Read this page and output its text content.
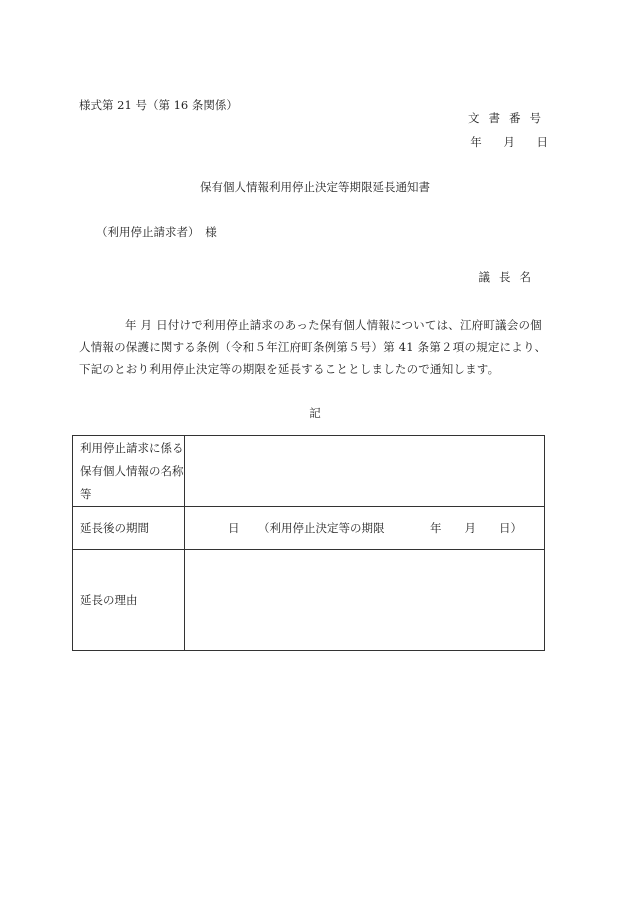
様式第 21 号（第 16 条関係）
文書番号
年 月 日
保有個人情報利用停止決定等期限延長通知書
（利用停止請求者）　様
議長名
年 月 日付けで利用停止請求のあった保有個人情報については、江府町議会の個人情報の保護に関する条例（令和５年江府町条例第５号）第 41 条第２項の規定により、下記のとおり利用停止決定等の期限を延長することとしましたので通知します。
記
利用停止請求に係る保有個人情報の名称等	
延長後の期間	日 （利用停止決定等の期限 年　　月　　日）

延長の理由	
